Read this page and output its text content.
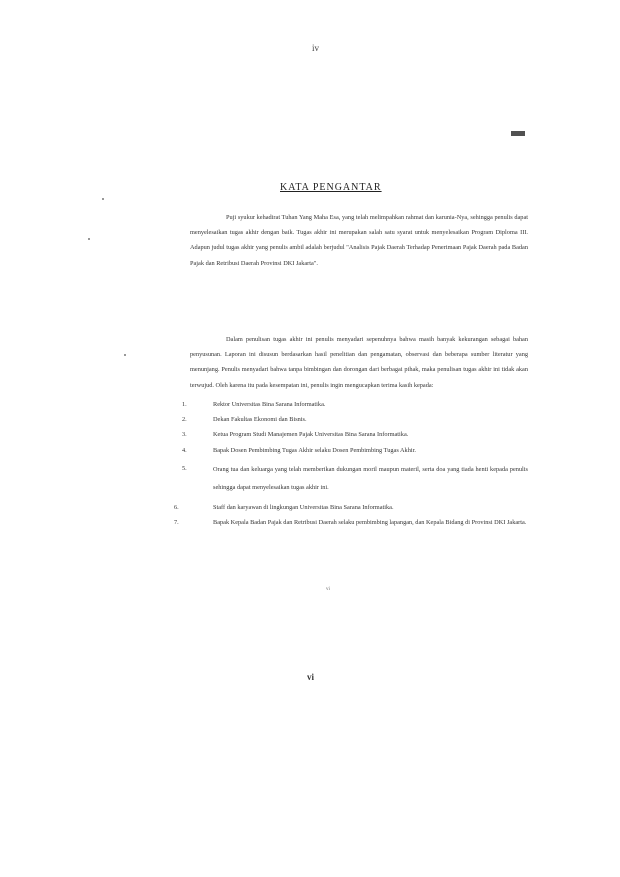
iv
KATA PENGANTAR
Puji syukur kehadirat Tuhan Yang Maha Esa, yang telah melimpahkan rahmat dan karunia-Nya, sehingga penulis dapat menyelesaikan tugas akhir dengan baik. Tugas akhir ini merupakan salah satu syarat untuk menyelesaikan Program Diploma III. Adapun judul tugas akhir yang penulis ambil adalah berjudul "Analisis Pajak Daerah Terhadap Penerimaan Pajak Daerah pada Badan Pajak dan Retribusi Daerah Provinsi DKI Jakarta".
Dalam penulisan tugas akhir ini penulis menyadari sepenuhnya bahwa masih banyak kekurangan sebagai bahan penyusunan. Laporan ini disusun berdasarkan hasil penelitian dan pengamatan, observasi dan beberapa sumber literatur yang menunjang. Penulis menyadari bahwa tanpa bimbingan dan dorongan dari berbagai pihak, maka penulisan tugas akhir ini tidak akan terwujud. Oleh karena itu pada kesempatan ini, penulis ingin mengucapkan terima kasih kepada:
1.	Rektor Universitas Bina Sarana Informatika.
2.	Dekan Fakultas Ekonomi dan Bisnis.
3.	Ketua Program Studi Manajemen Pajak Universitas Bina Sarana Informatika.
4.	Bapak Dosen Pembimbing Tugas Akhir selaku Dosen Pembimbing Tugas Akhir.
5.	Orang tua dan keluarga yang telah memberikan dukungan moril maupun materil, serta doa yang tiada henti kepada penulis sehingga dapat menyelesaikan tugas akhir ini.
6.	Staff dan karyawan di lingkungan Universitas Bina Sarana Informatika.
7.	Bapak Kepala Badan Pajak dan Retribusi Daerah selaku pembimbing lapangan, dan Kepala Bidang di Provinsi DKI Jakarta.
vi
vi
